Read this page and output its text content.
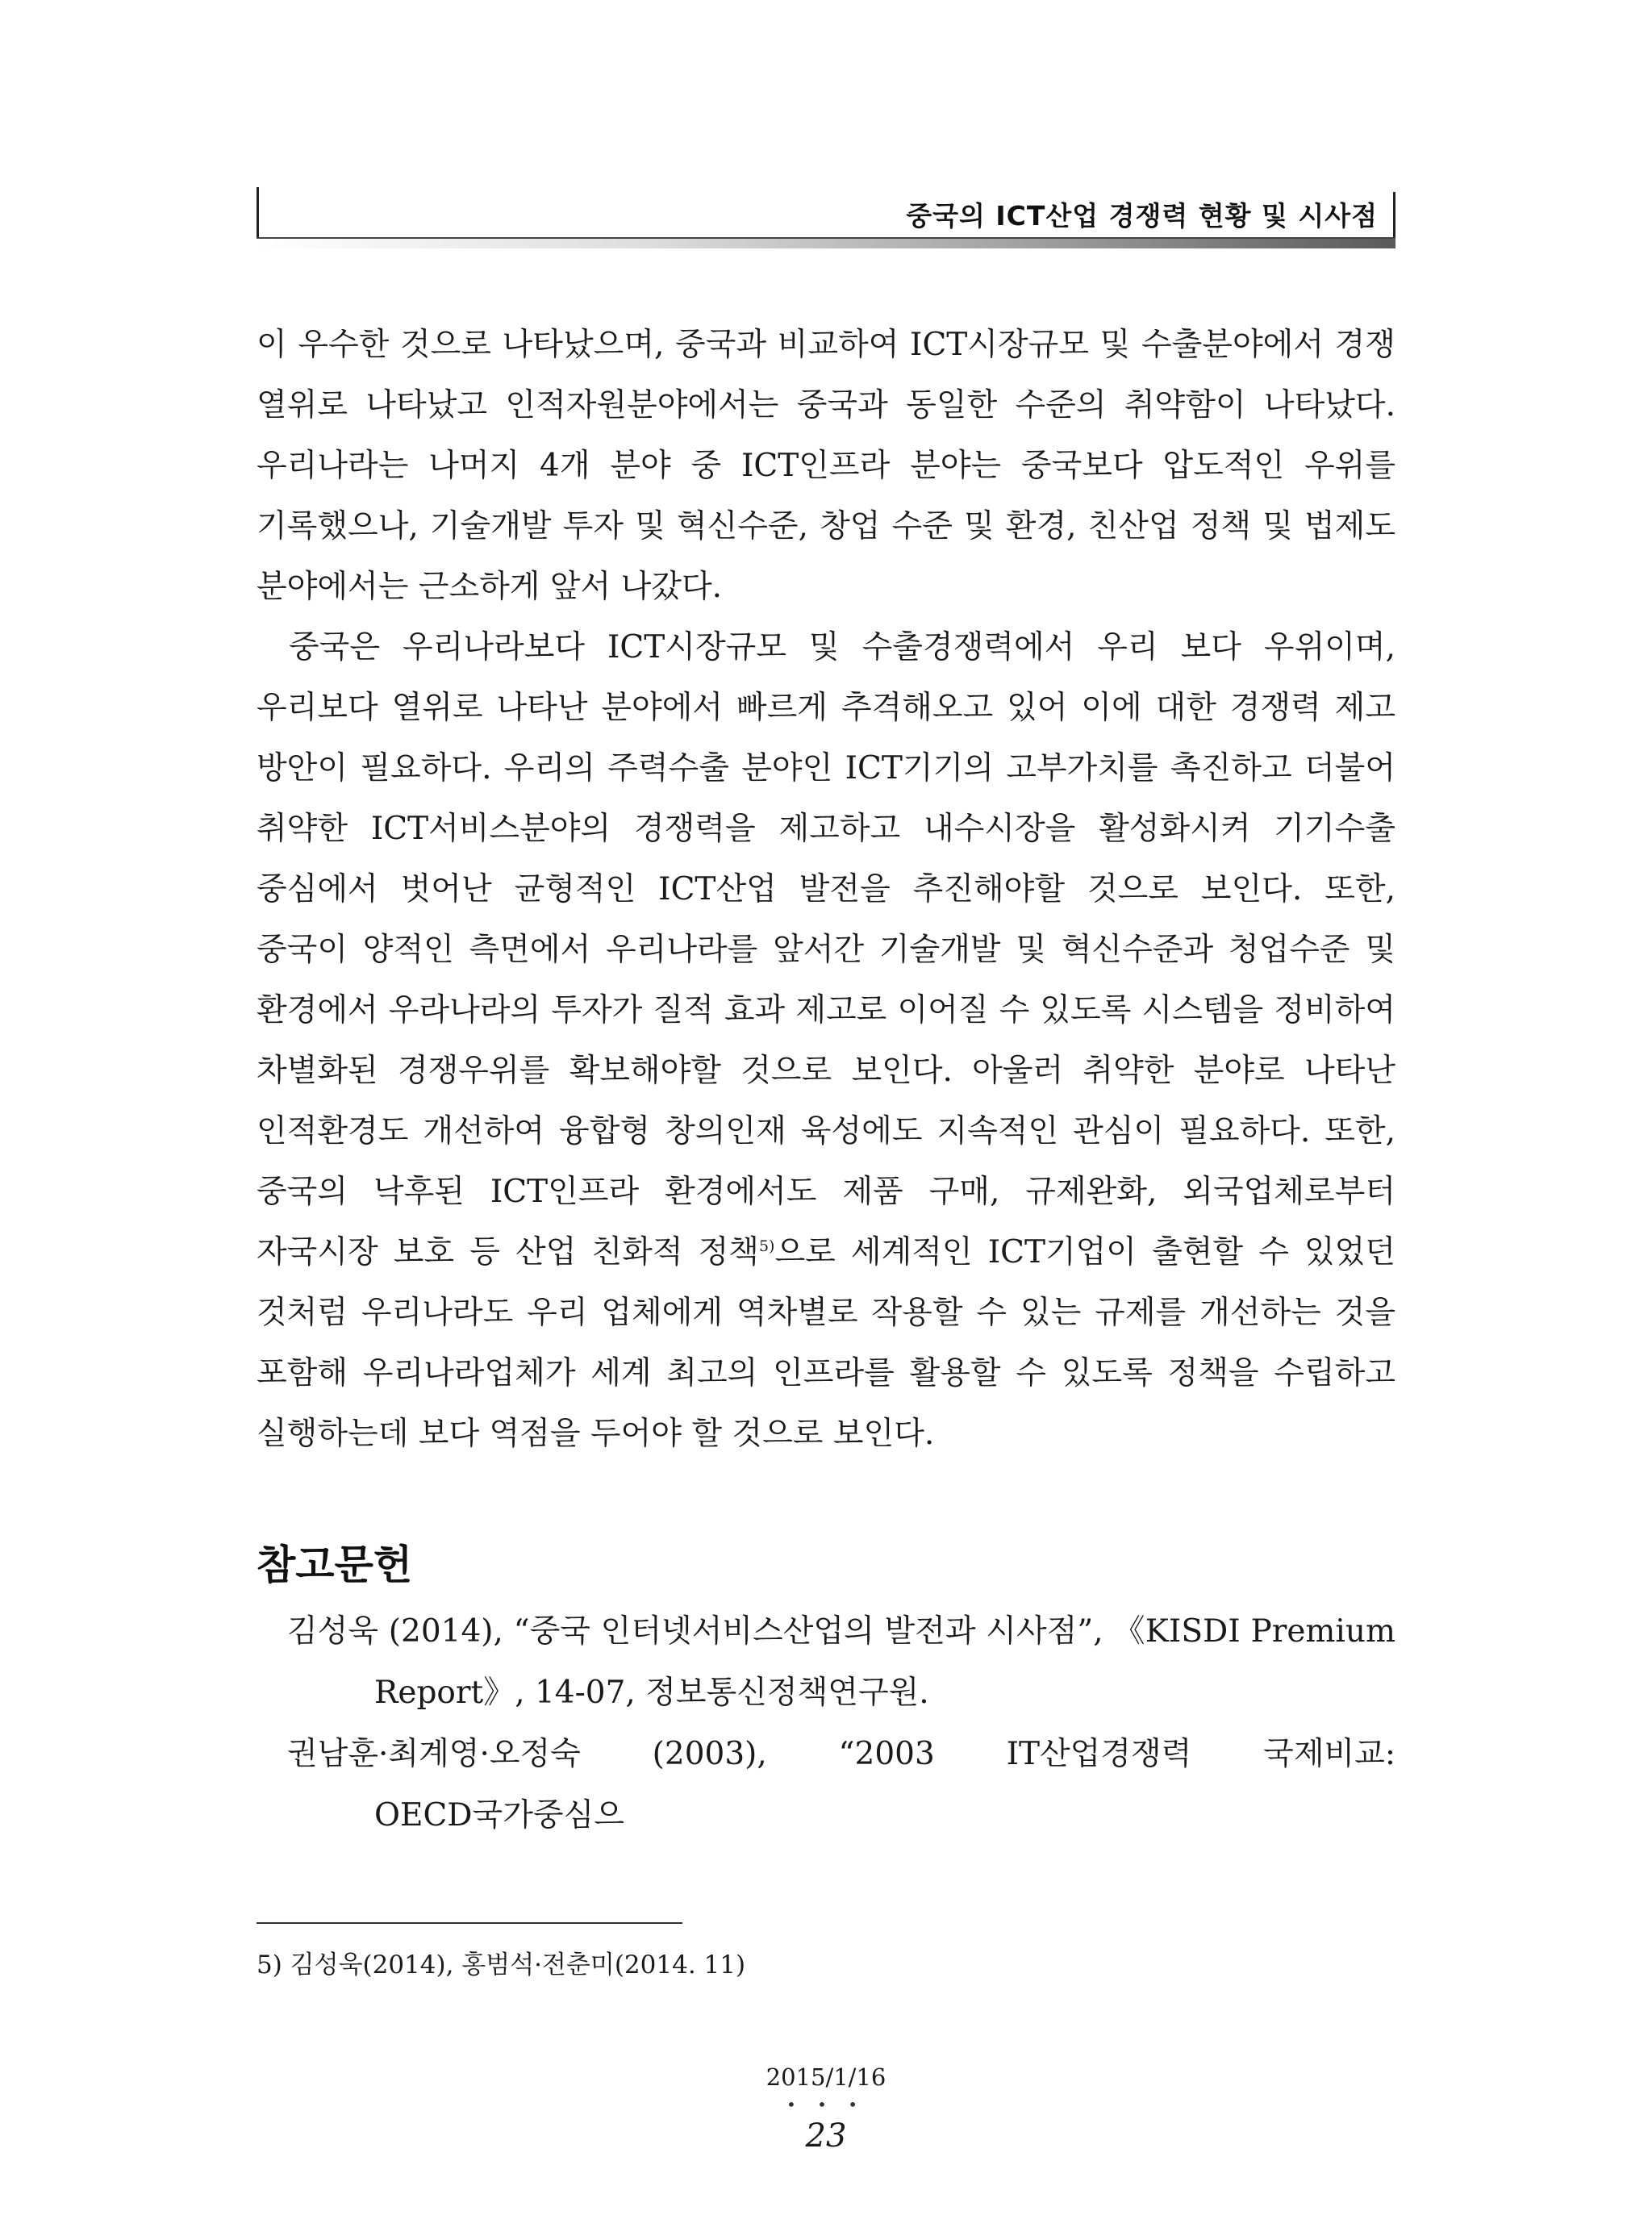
중국의 ICT산업 경쟁력 현황 및 시사점

이 우수한 것으로 나타났으며, 중국과 비교하여 ICT시장규모 및 수출분야에서 경쟁 열위로 나타났고 인적자원분야에서는 중국과 동일한 수준의 취약함이 나타났다. 우리나라는 나머지 4개 분야 중 ICT인프라 분야는 중국보다 압도적인 우위를 기록했으나, 기술개발 투자 및 혁신수준, 창업 수준 및 환경, 친산업 정책 및 법제도 분야에서는 근소하게 앞서 나갔다.

중국은 우리나라보다 ICT시장규모 및 수출경쟁력에서 우리 보다 우위이며, 우리보다 열위로 나타난 분야에서 빠르게 추격해오고 있어 이에 대한 경쟁력 제고 방안이 필요하다. 우리의 주력수출 분야인 ICT기기의 고부가치를 촉진하고 더불어 취약한 ICT서비스분야의 경쟁력을 제고하고 내수시장을 활성화시켜 기기수출 중심에서 벗어난 균형적인 ICT산업 발전을 추진해야할 것으로 보인다. 또한, 중국이 양적인 측면에서 우리나라를 앞서간 기술개발 및 혁신수준과 청업수준 및 환경에서 우라나라의 투자가 질적 효과 제고로 이어질 수 있도록 시스템을 정비하여 차별화된 경쟁우위를 확보해야할 것으로 보인다. 아울러 취약한 분야로 나타난 인적환경도 개선하여 융합형 창의인재 육성에도 지속적인 관심이 필요하다. 또한, 중국의 낙후된 ICT인프라 환경에서도 제품 구매, 규제완화, 외국업체로부터 자국시장 보호 등 산업 친화적 정책$^{5)}$으로 세계적인 ICT기업이 출현할 수 있었던 것처럼 우리나라도 우리 업체에게 역차별로 작용할 수 있는 규제를 개선하는 것을 포함해 우리나라업체가 세계 최고의 인프라를 활용할 수 있도록 정책을 수립하고 실행하는데 보다 역점을 두어야 할 것으로 보인다.

참고문헌
김성욱 (2014), “중국 인터넷서비스산업의 발전과 시사점”, 《KISDI Premium Report》, 14-07, 정보통신정책연구원.
권남훈·최계영·오정숙 (2003), “2003 IT산업경쟁력 국제비교: OECD국가중심으
5) 김성욱(2014), 홍범석·전춘미(2014. 11)
2015/1/16
• • •
23
